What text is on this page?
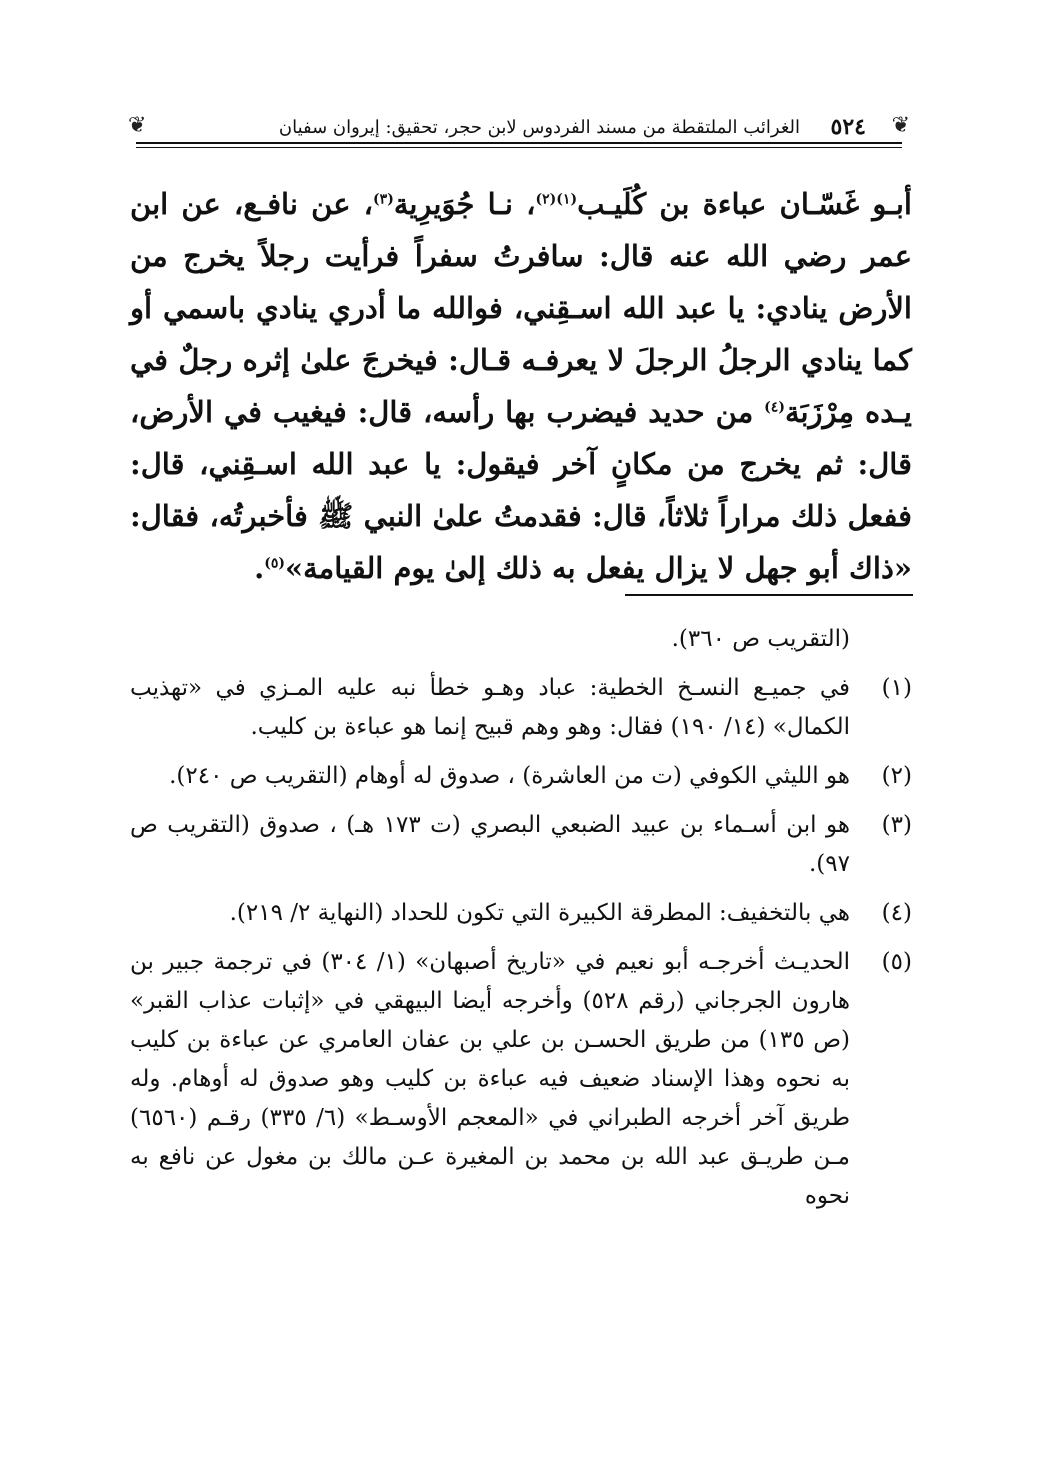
❦
٥٢٤
الغرائب الملتقطة من مسند الفردوس لابن حجر، تحقيق: إيروان سفيان
❦

أبـو غَسّـان عباءة بن كُلَيـب$^{(١)(٢)}$، نـا جُوَيرِية$^{(٣)}$، عن نافـع، عن ابن عمر رضي الله عنه قال: سافرتُ سفراً فرأيت رجلاً يخرج من الأرض ينادي: يا عبد الله اسـقِني، فوالله ما أدري ينادي باسمي أو كما ينادي الرجلُ الرجلَ لا يعرفـه قـال: فيخرجَ علىٰ إثره رجلٌ في يـده مِرْزَبَة$^{(٤)}$ من حديد فيضرب بها رأسه، قال: فيغيب في الأرض، قال: ثم يخرج من مكانٍ آخر فيقول: يا عبد الله اسـقِني، قال: ففعل ذلك مراراً ثلاثاً، قال: فقدمتُ علىٰ النبي ﷺ فأخبرتُه، فقال: «ذاك أبو جهل لا يزال يفعل به ذلك إلىٰ يوم القيامة»$^{(٥)}$.

(التقريب ص ٣٦٠).
(١)
في جميـع النسـخ الخطية: عباد وهـو خطأ نبه عليه المـزي في «تهذيب الكمال» (١٤/ ١٩٠) فقال: وهو وهم قبيح إنما هو عباءة بن كليب.
(٢)
هو الليثي الكوفي (ت من العاشرة) ، صدوق له أوهام (التقريب ص ٢٤٠).
(٣)
هو ابن أسـماء بن عبيد الضبعي البصري (ت ١٧٣ هـ) ، صدوق (التقريب ص ٩٧).
(٤)
هي بالتخفيف: المطرقة الكبيرة التي تكون للحداد (النهاية ٢/ ٢١٩).
(٥)
الحديـث أخرجـه أبو نعيم في «تاريخ أصبهان» (١/ ٣٠٤) في ترجمة جبير بن هارون الجرجاني (رقم ٥٢٨) وأخرجه أيضا البيهقي في «إثبات عذاب القبر» (ص ١٣٥) من طريق الحسـن بن علي بن عفان العامري عن عباءة بن كليب به نحوه وهذا الإسناد ضعيف فيه عباءة بن كليب وهو صدوق له أوهام. وله طريق آخر أخرجه الطبراني في «المعجم الأوسـط» (٦/ ٣٣٥) رقـم (٦٥٦٠) مـن طريـق عبد الله بن محمد بن المغيرة عـن مالك بن مغول عن نافع به نحوه
